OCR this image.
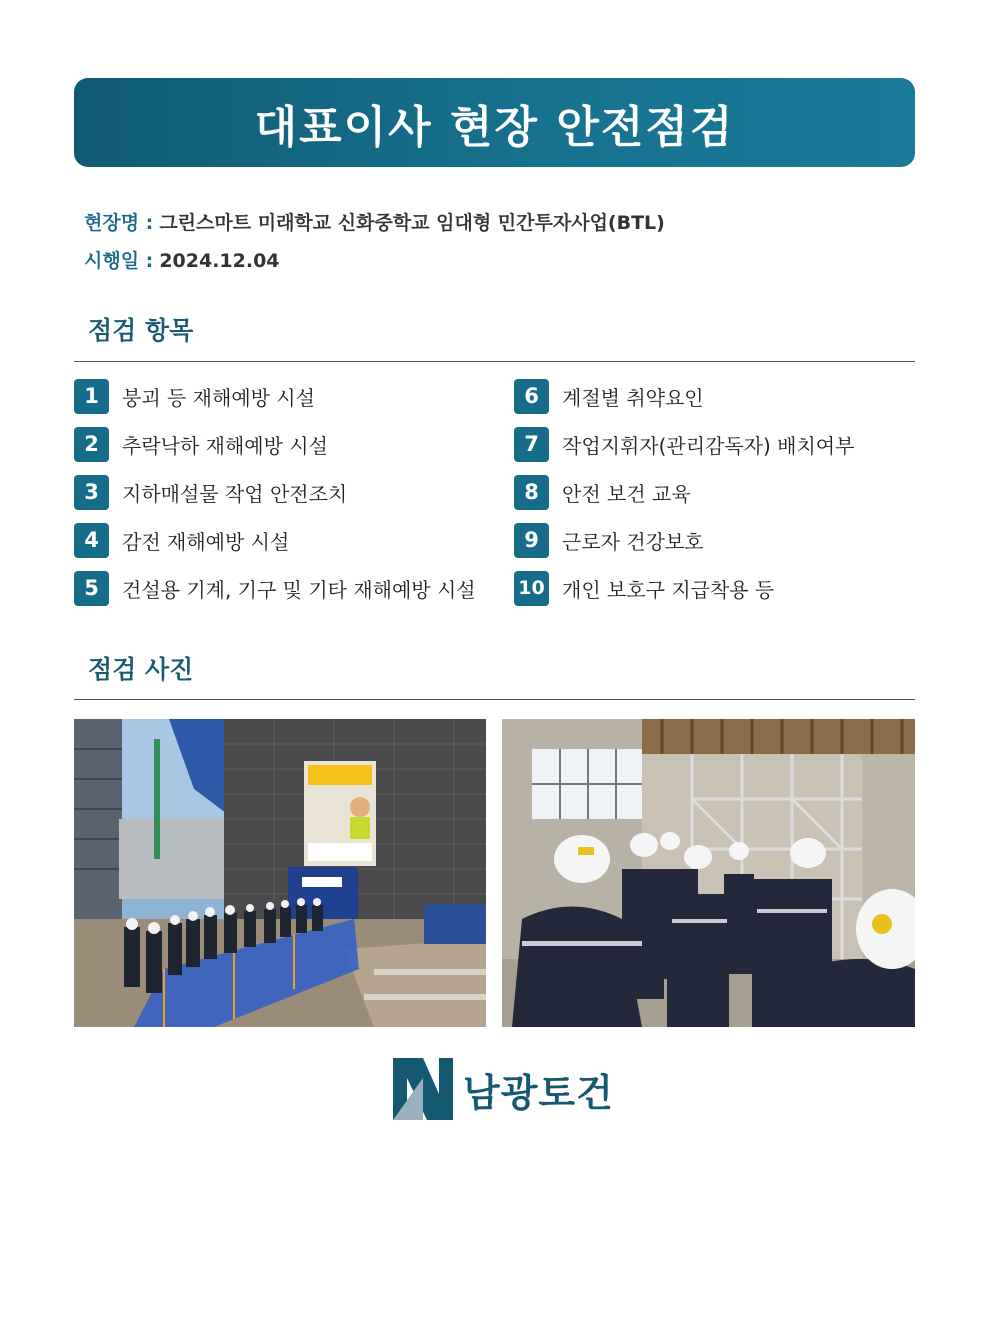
대표이사 현장 안전점검
현장명 : 그린스마트 미래학교 신화중학교 임대형 민간투자사업(BTL)
시행일 : 2024.12.04
점검 항목
1	붕괴 등 재해예방 시설
2	추락낙하 재해예방 시설
3	지하매설물 작업 안전조치
4	감전 재해예방 시설
5	건설용 기계, 기구 및 기타 재해예방 시설
6	계절별 취약요인
7	작업지휘자(관리감독자) 배치여부
8	안전 보건 교육
9	근로자 건강보호
10 개인 보호구 지급착용 등
점검 사진
남광토건
